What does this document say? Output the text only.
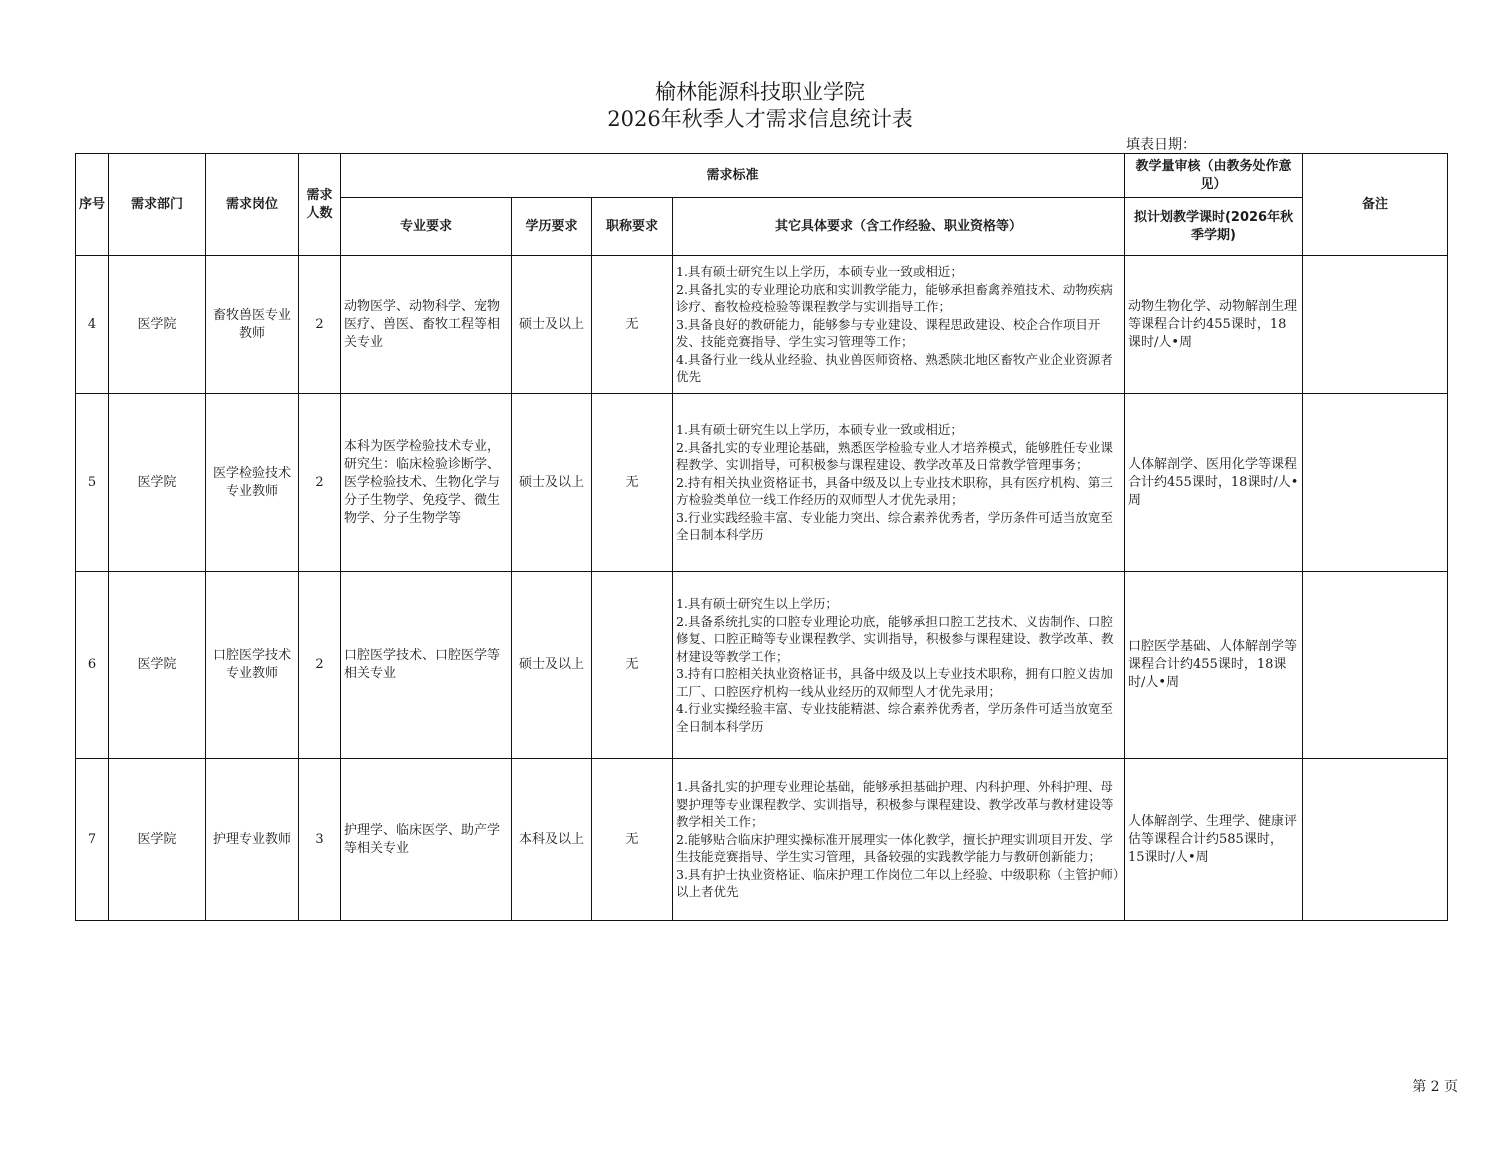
榆林能源科技职业学院
2026年秋季人才需求信息统计表
填表日期：
序号	需求部门	需求岗位	需求人数	需求标准				教学量审核（由教务处作意见）	备注
				专业要求	学历要求	职称要求	其它具体要求（含工作经验、职业资格等）	拟计划教学课时(2026年秋季学期)	
4	医学院	畜牧兽医专业教师	2	动物医学、动物科学、宠物医疗、兽医、畜牧工程等相关专业	硕士及以上	无	1.具有硕士研究生以上学历，本硕专业一致或相近；
2.具备扎实的专业理论功底和实训教学能力，能够承担畜禽养殖技术、动物疾病诊疗、畜牧检疫检验等课程教学与实训指导工作；
3.具备良好的教研能力，能够参与专业建设、课程思政建设、校企合作项目开发、技能竞赛指导、学生实习管理等工作；
4.具备行业一线从业经验、执业兽医师资格、熟悉陕北地区畜牧产业企业资源者优先	动物生物化学、动物解剖生理等课程合计约455课时，18课时/人•周	
5	医学院	医学检验技术专业教师	2	本科为医学检验技术专业，研究生：临床检验诊断学、医学检验技术、生物化学与分子生物学、免疫学、微生物学、分子生物学等	硕士及以上	无	1.具有硕士研究生以上学历，本硕专业一致或相近；
2.具备扎实的专业理论基础，熟悉医学检验专业人才培养模式，能够胜任专业课程教学、实训指导，可积极参与课程建设、教学改革及日常教学管理事务；
2.持有相关执业资格证书，具备中级及以上专业技术职称，具有医疗机构、第三方检验类单位一线工作经历的双师型人才优先录用；
3.行业实践经验丰富、专业能力突出、综合素养优秀者，学历条件可适当放宽至全日制本科学历	人体解剖学、医用化学等课程合计约455课时，18课时/人•周	
6	医学院	口腔医学技术专业教师	2	口腔医学技术、口腔医学等相关专业	硕士及以上	无	1.具有硕士研究生以上学历；
2.具备系统扎实的口腔专业理论功底，能够承担口腔工艺技术、义齿制作、口腔修复、口腔正畸等专业课程教学、实训指导，积极参与课程建设、教学改革、教材建设等教学工作；
3.持有口腔相关执业资格证书，具备中级及以上专业技术职称，拥有口腔义齿加工厂、口腔医疗机构一线从业经历的双师型人才优先录用；
4.行业实操经验丰富、专业技能精湛、综合素养优秀者，学历条件可适当放宽至全日制本科学历	口腔医学基础、人体解剖学等课程合计约455课时，18课时/人•周	
7	医学院	护理专业教师	3	护理学、临床医学、助产学等相关专业	本科及以上	无	1.具备扎实的护理专业理论基础，能够承担基础护理、内科护理、外科护理、母婴护理等专业课程教学、实训指导，积极参与课程建设、教学改革与教材建设等教学相关工作；
2.能够贴合临床护理实操标准开展理实一体化教学，擅长护理实训项目开发、学生技能竞赛指导、学生实习管理，具备较强的实践教学能力与教研创新能力；
3.具有护士执业资格证、临床护理工作岗位二年以上经验、中级职称（主管护师）以上者优先	人体解剖学、生理学、健康评估等课程合计约585课时，15课时/人•周	
第 2 页
